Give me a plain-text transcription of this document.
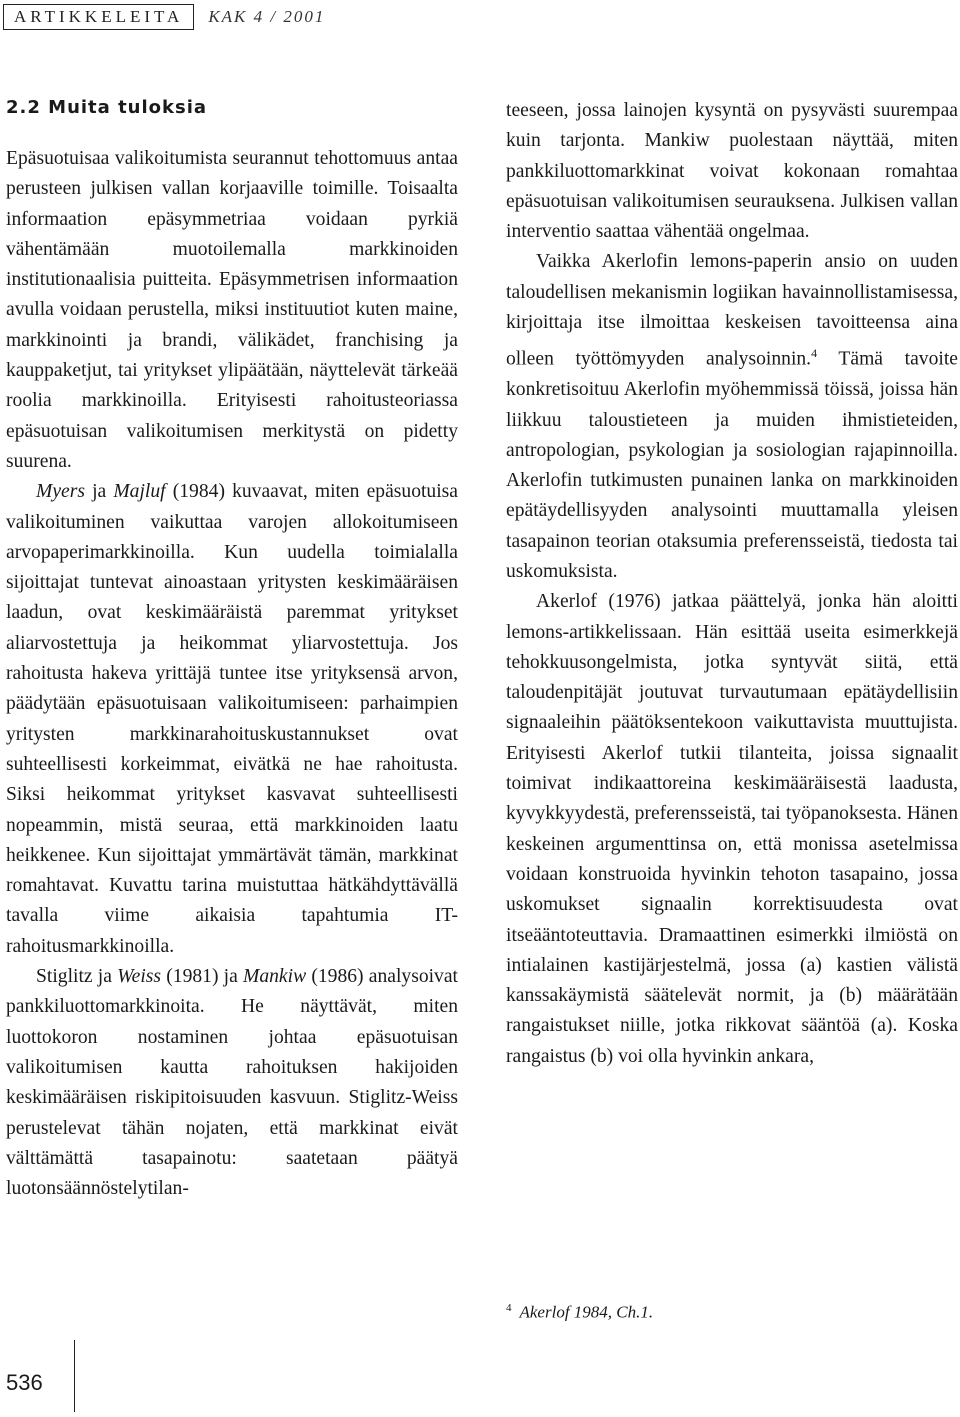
ARTIKKELEITA	KAK 4 / 2001
2.2 Muita tuloksia

Epäsuotuisaa valikoitumista seurannut tehottomuus antaa perusteen julkisen vallan korjaaville toimille. Toisaalta informaation epäsymmetriaa voidaan pyrkiä vähentämään muotoilemalla markkinoiden institutionaalisia puitteita. Epäsymmetrisen informaation avulla voidaan perustella, miksi instituutiot kuten maine, markkinointi ja brandi, välikädet, franchising ja kauppaketjut, tai yritykset ylipäätään, näyttelevät tärkeää roolia markkinoilla. Erityisesti rahoitusteoriassa epäsuotuisan valikoitumisen merkitystä on pidetty suurena.

Myers ja Majluf (1984) kuvaavat, miten epäsuotuisa valikoituminen vaikuttaa varojen allokoitumiseen arvopaperimarkkinoilla. Kun uudella toimialalla sijoittajat tuntevat ainoastaan yritysten keskimääräisen laadun, ovat keskimääräistä paremmat yritykset aliarvostettuja ja heikommat yliarvostettuja. Jos rahoitusta hakeva yrittäjä tuntee itse yrityksensä arvon, päädytään epäsuotuisaan valikoitumiseen: parhaimpien yritysten markkinarahoituskustannukset ovat suhteellisesti korkeimmat, eivätkä ne hae rahoitusta. Siksi heikommat yritykset kasvavat suhteellisesti nopeammin, mistä seuraa, että markkinoiden laatu heikkenee. Kun sijoittajat ymmärtävät tämän, markkinat romahtavat. Kuvattu tarina muistuttaa hätkähdyttävällä tavalla viime aikaisia tapahtumia IT-rahoitusmarkkinoilla.

Stiglitz ja Weiss (1981) ja Mankiw (1986) analysoivat pankkiluottomarkkinoita. He näyttävät, miten luottokoron nostaminen johtaa epäsuotuisan valikoitumisen kautta rahoituksen hakijoiden keskimääräisen riskipitoisuuden kasvuun. Stiglitz-Weiss perustelevat tähän nojaten, että markkinat eivät välttämättä tasapainotu: saatetaan päätyä luotonsäännöstelytilan-

teeseen, jossa lainojen kysyntä on pysyvästi suurempaa kuin tarjonta. Mankiw puolestaan näyttää, miten pankkiluottomarkkinat voivat kokonaan romahtaa epäsuotuisan valikoitumisen seurauksena. Julkisen vallan interventio saattaa vähentää ongelmaa.

Vaikka Akerlofin lemons-paperin ansio on uuden taloudellisen mekanismin logiikan havainnollistamisessa, kirjoittaja itse ilmoittaa keskeisen tavoitteensa aina olleen työttömyyden analysoinnin.$^4$ Tämä tavoite konkretisoituu Akerlofin myöhemmissä töissä, joissa hän liikkuu taloustieteen ja muiden ihmistieteiden, antropologian, psykologian ja sosiologian rajapinnoilla. Akerlofin tutkimusten punainen lanka on markkinoiden epätäydellisyyden analysointi muuttamalla yleisen tasapainon teorian otaksumia preferensseistä, tiedosta tai uskomuksista.

Akerlof (1976) jatkaa päättelyä, jonka hän aloitti lemons-artikkelissaan. Hän esittää useita esimerkkejä tehokkuusongelmista, jotka syntyvät siitä, että taloudenpitäjät joutuvat turvautumaan epätäydellisiin signaaleihin päätöksentekoon vaikuttavista muuttujista. Erityisesti Akerlof tutkii tilanteita, joissa signaalit toimivat indikaattoreina keskimääräisestä laadusta, kyvykkyydestä, preferensseistä, tai työpanoksesta. Hänen keskeinen argumenttinsa on, että monissa asetelmissa voidaan konstruoida hyvinkin tehoton tasapaino, jossa uskomukset signaalin korrektisuudesta ovat itseääntoteuttavia. Dramaattinen esimerkki ilmiöstä on intialainen kastijärjestelmä, jossa (a) kastien välistä kanssakäymistä säätelevät normit, ja (b) määrätään rangaistukset niille, jotka rikkovat sääntöä (a). Koska rangaistus (b) voi olla hyvinkin ankara,

$^4$ Akerlof 1984, Ch.1.
536
